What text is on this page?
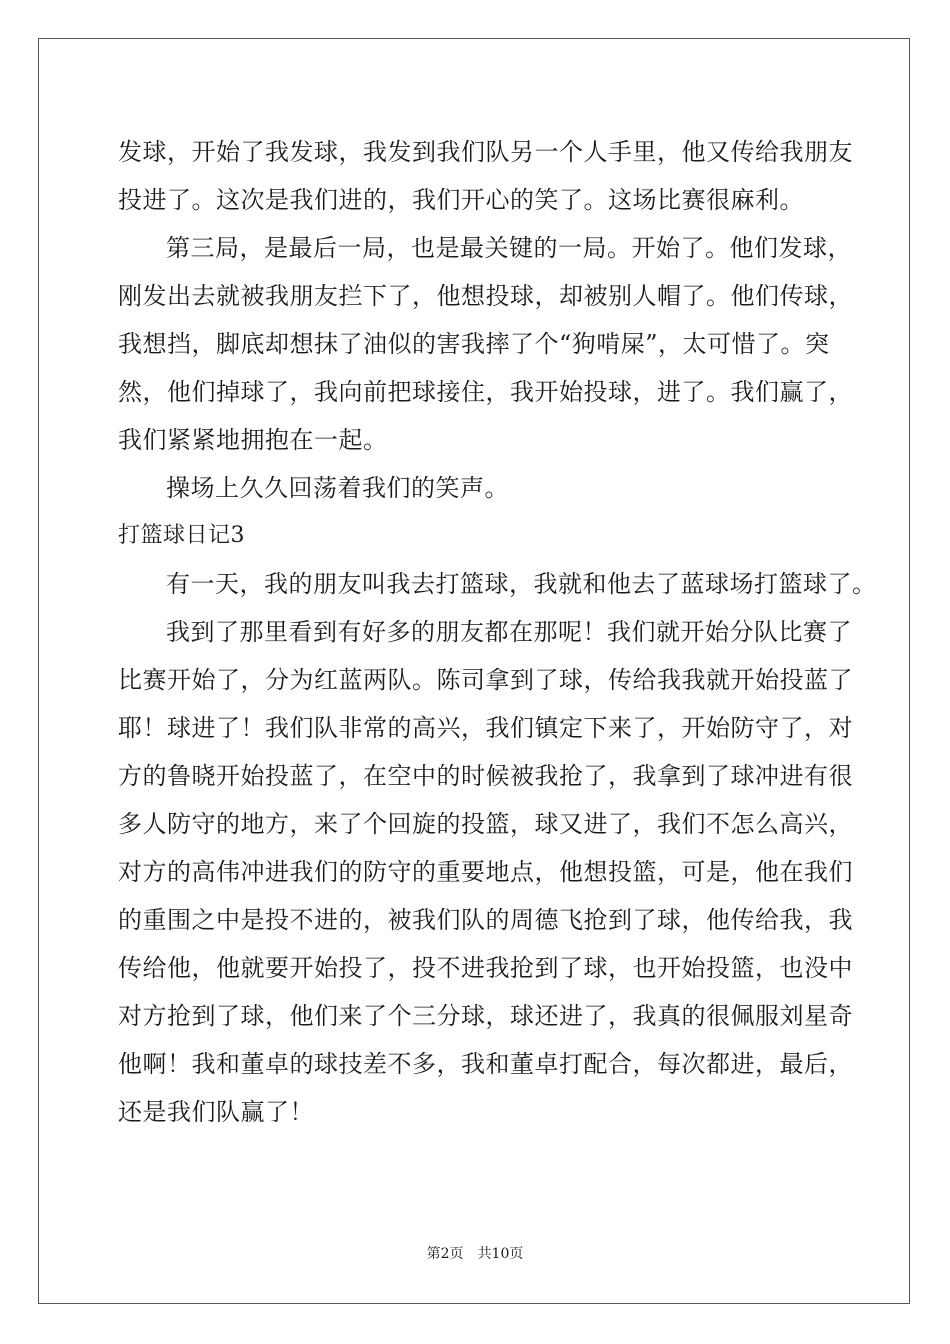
发球，开始了我发球，我发到我们队另一个人手里，他又传给我朋友
投进了。这次是我们进的，我们开心的笑了。这场比赛很麻利。
第三局，是最后一局，也是最关键的一局。开始了。他们发球，
刚发出去就被我朋友拦下了，他想投球，却被别人帽了。他们传球，
我想挡，脚底却想抹了油似的害我摔了个“狗啃屎”，太可惜了。突
然，他们掉球了，我向前把球接住，我开始投球，进了。我们赢了，
我们紧紧地拥抱在一起。
操场上久久回荡着我们的笑声。
打篮球日记3
有一天，我的朋友叫我去打篮球，我就和他去了蓝球场打篮球了。
我到了那里看到有好多的朋友都在那呢！我们就开始分队比赛了
比赛开始了，分为红蓝两队。陈司拿到了球，传给我我就开始投蓝了
耶！球进了！我们队非常的高兴，我们镇定下来了，开始防守了，对
方的鲁晓开始投蓝了，在空中的时候被我抢了，我拿到了球冲进有很
多人防守的地方，来了个回旋的投篮，球又进了，我们不怎么高兴，
对方的高伟冲进我们的防守的重要地点，他想投篮，可是，他在我们
的重围之中是投不进的，被我们队的周德飞抢到了球，他传给我，我
传给他，他就要开始投了，投不进我抢到了球，也开始投篮，也没中
对方抢到了球，他们来了个三分球，球还进了，我真的很佩服刘星奇
他啊！我和董卓的球技差不多，我和董卓打配合，每次都进，最后，
还是我们队赢了！
第2页 共10页
